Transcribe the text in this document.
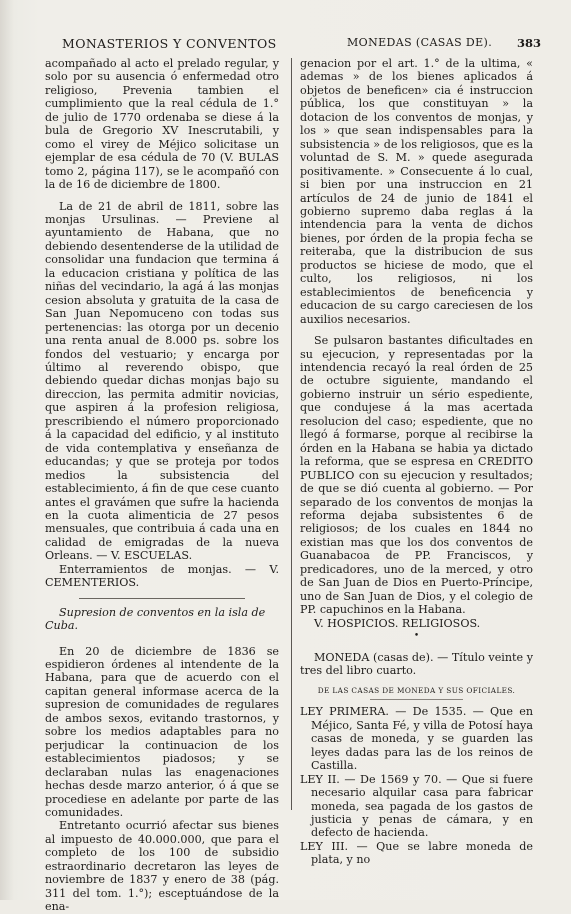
MONASTERIOS Y CONVENTOS	MONEDAS (CASAS DE). 383

acompañado al acto el prelado regular, y solo por su ausencia ó enfermedad otro religioso, Prevenia tambien el cumplimiento que la real cédula de 1.° de julio de 1770 ordenaba se diese á la bula de Gregorio XV Inescrutabili, y como el virey de Méjico solicitase un ejemplar de esa cédula de 70 (V. BULAS tomo 2, página 117), se le acompañó con la de 16 de diciembre de 1800.

La de 21 de abril de 1811, sobre las monjas Ursulinas. — Previene al ayuntamiento de Habana, que no debiendo desentenderse de la utilidad de consolidar una fundacion que termina á la educacion cristiana y política de las niñas del vecindario, la agá á las monjas cesion absoluta y gratuita de la casa de San Juan Nepomuceno con todas sus pertenencias: las otorga por un decenio una renta anual de 8.000 ps. sobre los fondos del vestuario; y encarga por último al reverendo obispo, que debiendo quedar dichas monjas bajo su direccion, las permita admitir novicias, que aspiren á la profesion religiosa, prescribiendo el número proporcionado á la capacidad del edificio, y al instituto de vida contemplativa y enseñanza de educandas; y que se proteja por todos medios la subsistencia del establecimiento, á fin de que cese cuanto antes el gravámen que sufre la hacienda en la cuota alimenticia de 27 pesos mensuales, que contribuia á cada una en calidad de emigradas de la nueva Orleans. — V. ESCUELAS.

Enterramientos de monjas. — V. CEMENTERIOS.

Supresion de conventos en la isla de Cuba.

En 20 de diciembre de 1836 se espidieron órdenes al intendente de la Habana, para que de acuerdo con el capitan general informase acerca de la supresion de comunidades de regulares de ambos sexos, evitando trastornos, y sobre los medios adaptables para no perjudicar la continuacion de los establecimientos piadosos; y se declaraban nulas las enagenaciones hechas desde marzo anterior, ó á que se procediese en adelante por parte de las comunidades.

Entretanto ocurrió afectar sus bienes al impuesto de 40.000.000, que para el completo de los 100 de subsidio estraordinario decretaron las leyes de noviembre de 1837 y enero de 38 (pág. 311 del tom. 1.°); esceptuándose de la ena-

genacion por el art. 1.° de la ultima, « ademas » de los bienes aplicados á objetos de beneficen» cia é instruccion pública, los que constituyan » la dotacion de los conventos de monjas, y los » que sean indispensables para la subsistencia » de los religiosos, que es la voluntad de S. M. » quede asegurada positivamente. » Consecuente á lo cual, si bien por una instruccion en 21 artículos de 24 de junio de 1841 el gobierno supremo daba reglas á la intendencia para la venta de dichos bienes, por órden de la propia fecha se reiteraba, que la distribucion de sus productos se hiciese de modo, que el culto, los religiosos, ni los establecimientos de beneficencia y educacion de su cargo careciesen de los auxilios necesarios.

Se pulsaron bastantes dificultades en su ejecucion, y representadas por la intendencia recayó la real órden de 25 de octubre siguiente, mandando el gobierno instruir un sério espediente, que condujese á la mas acertada resolucion del caso; espediente, que no llegó á formarse, porque al recibirse la órden en la Habana se habia ya dictado la reforma, que se espresa en CREDITO PUBLICO con su ejecucion y resultados; de que se dió cuenta al gobierno. — Por separado de los conventos de monjas la reforma dejaba subsistentes 6 de religiosos; de los cuales en 1844 no existian mas que los dos conventos de Guanabacoa de PP. Franciscos, y predicadores, uno de la merced, y otro de San Juan de Dios en Puerto-Príncipe, uno de San Juan de Dios, y el colegio de PP. capuchinos en la Habana.

V. HOSPICIOS. RELIGIOSOS.

•

MONEDA (casas de). — Título veinte y tres del libro cuarto.

DE LAS CASAS DE MONEDA Y SUS OFICIALES.

LEY PRIMERA. — De 1535. — Que en Méjico, Santa Fé, y villa de Potosí haya casas de moneda, y se guarden las leyes dadas para las de los reinos de Castilla.

LEY II. — De 1569 y 70. — Que si fuere necesario alquilar casa para fabricar moneda, sea pagada de los gastos de justicia y penas de cámara, y en defecto de hacienda.

LEY III. — Que se labre moneda de plata, y no
